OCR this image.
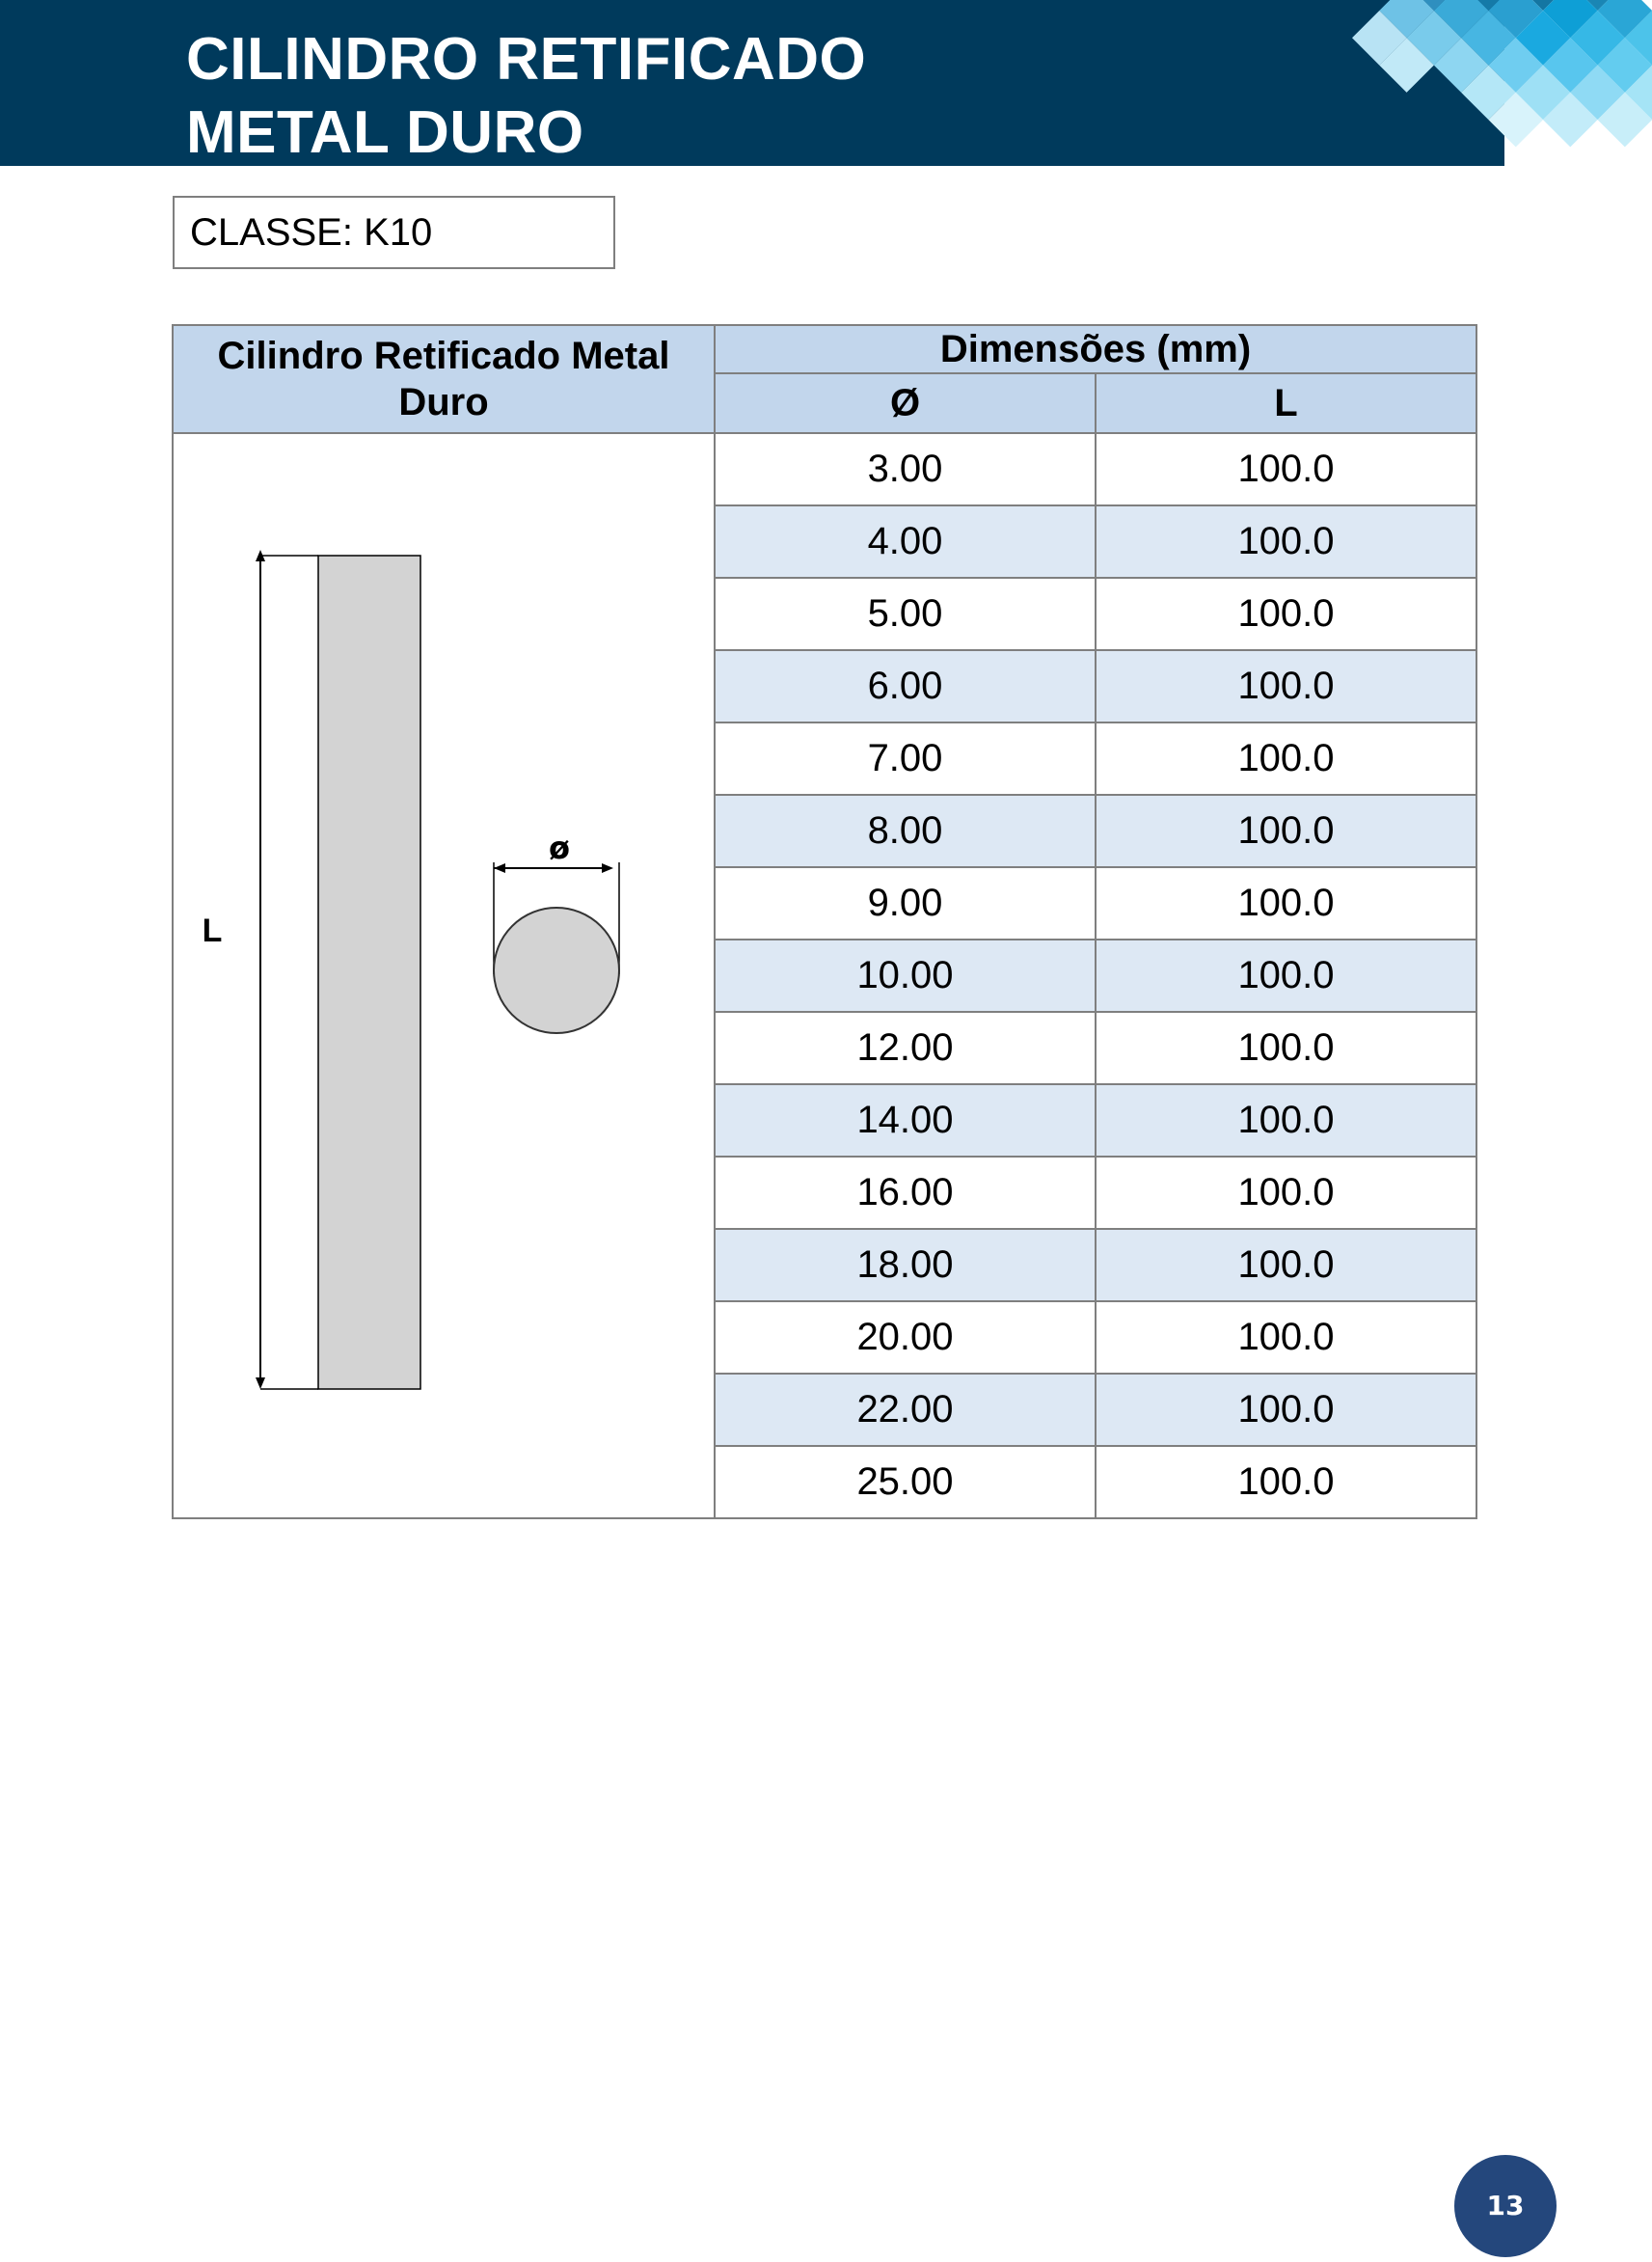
CILINDRO RETIFICADO
METAL DURO
CLASSE: K10
Cilindro Retificado Metal Duro	Dimensões (mm)	
	Ø	L

L
ø	3.00	100.0
	4.00	100.0
	5.00	100.0
	6.00	100.0
	7.00	100.0
	8.00	100.0
	9.00	100.0
	10.00	100.0
	12.00	100.0
	14.00	100.0
	16.00	100.0
	18.00	100.0
	20.00	100.0
	22.00	100.0
	25.00	100.0
13
